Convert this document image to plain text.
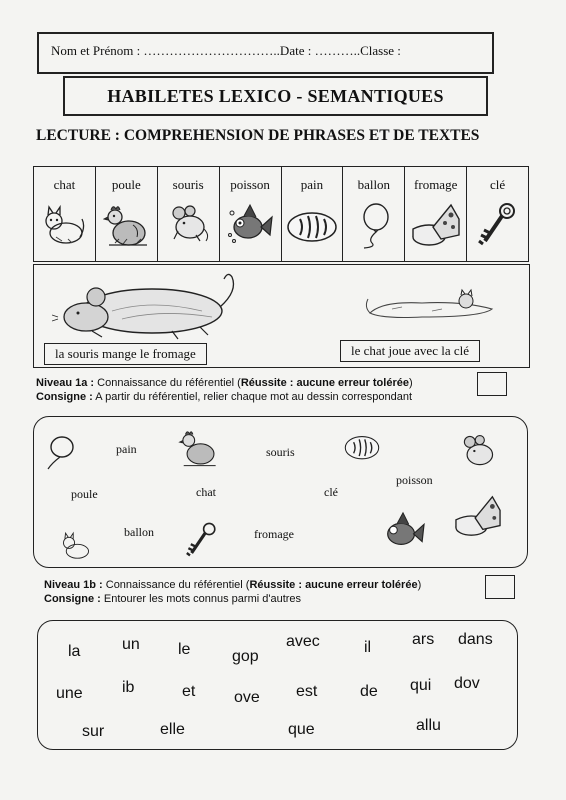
Nom et Prénom : …………………………..Date : ………..Classe :
HABILETES LEXICO - SEMANTIQUES
LECTURE : COMPREHENSION DE PHRASES ET DE TEXTES
chat	poule	souris	poisson	pain	ballon	fromage	clé
la souris mange le fromage	le chat joue avec la clé
Niveau 1a : Connaissance du référentiel (Réussite : aucune erreur tolérée)
Consigne : A partir du référentiel, relier chaque mot au dessin correspondant
pain	souris
poisson
poule	chat	clé
ballon	fromage
Niveau 1b : Connaissance du référentiel (Réussite : aucune erreur tolérée)
Consigne : Entourer les mots connus parmi d'autres
la	un le	gop
avec	il	ars dans
une ib	et ove est	de qui dov
sur	elle	que	allu
